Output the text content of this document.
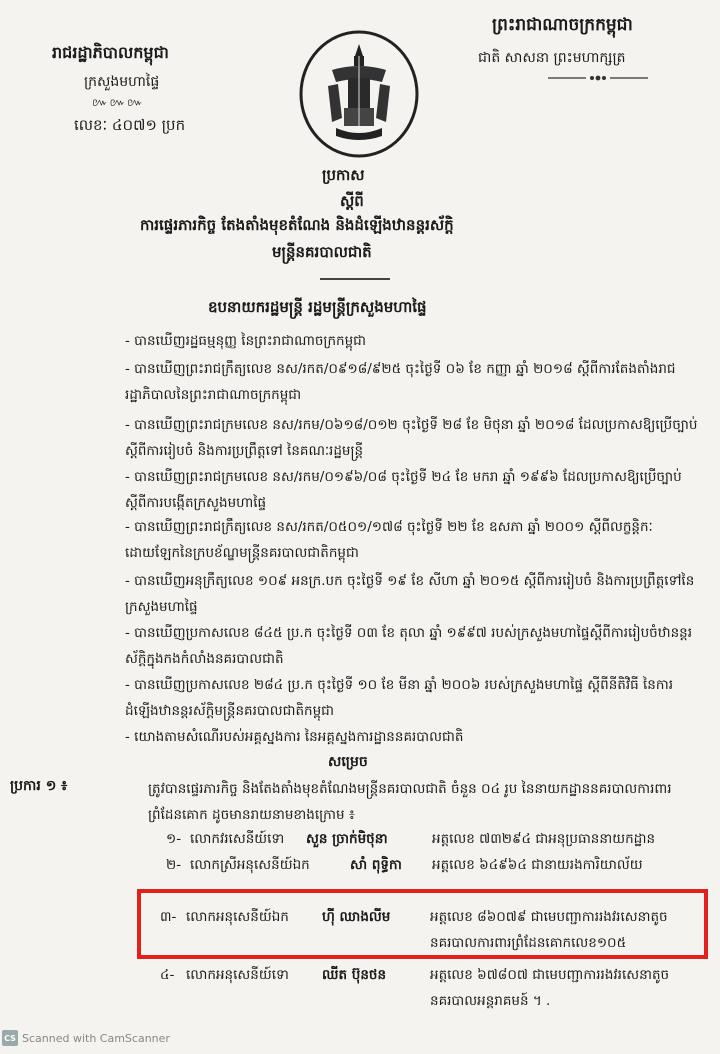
ព្រះរាជាណាចក្រកម្ពុជា
ជាតិ សាសនា ព្រះមហាក្សត្រ
រាជរដ្ឋាភិបាលកម្ពុជា
ក្រសួងមហាផ្ទៃ
៚៚៚
លេខៈ ៤០៧១ ប្រក
ប្រកាស
ស្ដីពី
ការផ្ទេរភារកិច្ច តែងតាំងមុខតំណែង និងដំឡើងឋានន្តរស័ក្តិ
មន្ត្រីនគរបាលជាតិ
ឧបនាយករដ្ឋមន្ត្រី រដ្ឋមន្ត្រីក្រសួងមហាផ្ទៃ
- បានឃើញរដ្ឋធម្មនុញ្ញ នៃព្រះរាជាណាចក្រកម្ពុជា
- បានឃើញព្រះរាជក្រឹត្យលេខ នស/រកត/០៩១៨/៩២៥ ចុះថ្ងៃទី ០៦ ខែ កញ្ញា ឆ្នាំ ២០១៨ ស្ដីពីការតែងតាំងរាជរដ្ឋាភិបាលនៃព្រះរាជាណាចក្រកម្ពុជា
- បានឃើញព្រះរាជក្រមលេខ នស/រកម/០៦១៨/០១២ ចុះថ្ងៃទី ២៨ ខែ មិថុនា ឆ្នាំ ២០១៨ ដែលប្រកាសឱ្យប្រើច្បាប់ស្ដីពីការរៀបចំ និងការប្រព្រឹត្តទៅ នៃគណៈរដ្ឋមន្ត្រី
- បានឃើញព្រះរាជក្រមលេខ នស/រកម/០១៩៦/០៨ ចុះថ្ងៃទី ២៤ ខែ មករា ឆ្នាំ ១៩៩៦ ដែលប្រកាសឱ្យប្រើច្បាប់ស្ដីពីការបង្កើតក្រសួងមហាផ្ទៃ
- បានឃើញព្រះរាជក្រឹត្យលេខ នស/រកត/០៥០១/១៧៨ ចុះថ្ងៃទី ២២ ខែ ឧសភា ឆ្នាំ ២០០១ ស្ដីពីលក្ខន្តិកៈដោយឡែកនៃក្របខ័ណ្ឌមន្ត្រីនគរបាលជាតិកម្ពុជា
- បានឃើញអនុក្រឹត្យលេខ ១០៩ អនក្រ.បក ចុះថ្ងៃទី ១៩ ខែ សីហា ឆ្នាំ ២០១៥ ស្ដីពីការរៀបចំ និងការប្រព្រឹត្តទៅនៃក្រសួងមហាផ្ទៃ
- បានឃើញប្រកាសលេខ ៨៤៥ ប្រ.ក ចុះថ្ងៃទី ០៣ ខែ តុលា ឆ្នាំ ១៩៩៧ របស់ក្រសួងមហាផ្ទៃស្ដីពីការរៀបចំឋានន្តរស័ក្តិក្នុងកងកំលាំងនគរបាលជាតិ
- បានឃើញប្រកាសលេខ ២៨៤ ប្រ.ក ចុះថ្ងៃទី ១០ ខែ មីនា ឆ្នាំ ២០០៦ របស់ក្រសួងមហាផ្ទៃ ស្ដីពីនីតិវិធី នៃការដំឡើងឋានន្តរស័ក្តិមន្ត្រីនគរបាលជាតិកម្ពុជា
- យោងតាមសំណើរបស់អគ្គស្នងការ នៃអគ្គស្នងការដ្ឋាននគរបាលជាតិ
សម្រេច
ប្រការ ១ ៖	ត្រូវបានផ្ទេរភារកិច្ច និងតែងតាំងមុខតំណែងមន្ត្រីនគរបាលជាតិ ចំនួន ០៤ រូប នៃនាយកដ្ឋាននគរបាលការពារព្រំដែនគោក ដូចមានរាយនាមខាងក្រោម ៖
១- លោកវរសេនីយ៍ទោ សួន ច្រាក់មិថុនា	អត្តលេខ ៧៣២៩៤ ជាអនុប្រធាននាយកដ្ឋាន
២- លោកស្រីអនុសេនីយ៍ឯក	សាំ ពុទ្ធិកា អត្តលេខ ៦៤៩៦៤ ជានាយរងការិយាល័យ
៣- លោកអនុសេនីយ៍ឯក ហ៊ី ឈាងលីម	អត្តលេខ ៨៦០៧៩ ជាមេបញ្ជាការរងវរសេនាតូច
នគរបាលការពារព្រំដែនគោកលេខ១០៥
៤- លោកអនុសេនីយ៍ទោ ឈីត ប៊ុនថន	អត្តលេខ ៦៧៨០៧ ជាមេបញ្ជាការរងវរសេនាតូច
នគរបាលអន្តរាគមន៍ ។ .
CS Scanned with CamScanner
